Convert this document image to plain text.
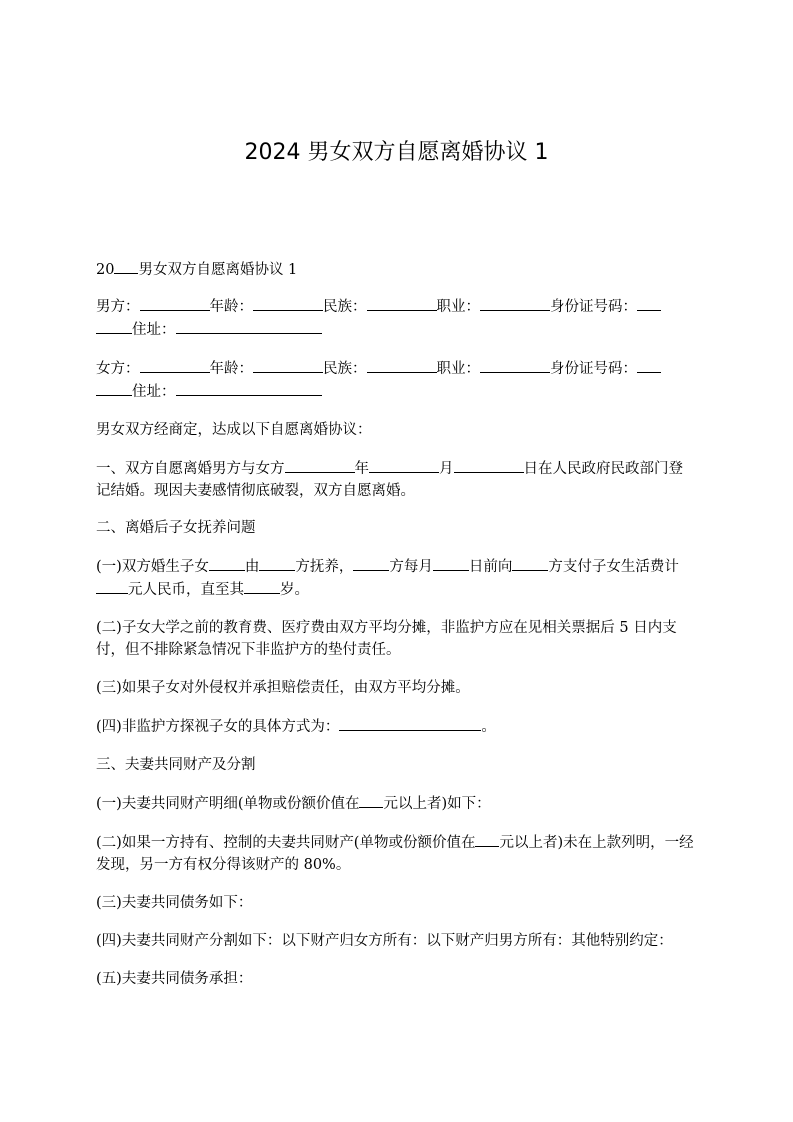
2024 男女双方自愿离婚协议 1

20 男女双方自愿离婚协议 1

男方：	年龄：	民族：	职业：	身份证号码：
住址：

女方：	年龄：	民族：	职业：	身份证号码：
住址：

男女双方经商定，达成以下自愿离婚协议：

一、双方自愿离婚男方与女方	年	月	日在人民政府民政部门登记结婚。现因夫妻感情彻底破裂，双方自愿离婚。

二、离婚后子女抚养问题

(一)双方婚生子女 由 方抚养， 方每月 日前向 方支付子女生活费计元人民币，直至其 岁。

(二)子女大学之前的教育费、医疗费由双方平均分摊，非监护方应在见相关票据后 5 日内支付，但不排除紧急情况下非监护方的垫付责任。

(三)如果子女对外侵权并承担赔偿责任，由双方平均分摊。

(四)非监护方探视子女的具体方式为：	。

三、夫妻共同财产及分割

(一)夫妻共同财产明细(单物或份额价值在 元以上者)如下：

(二)如果一方持有、控制的夫妻共同财产(单物或份额价值在 元以上者)未在上款列明，一经发现，另一方有权分得该财产的 80%。

(三)夫妻共同债务如下：

(四)夫妻共同财产分割如下：以下财产归女方所有：以下财产归男方所有：其他特别约定：

(五)夫妻共同债务承担：
